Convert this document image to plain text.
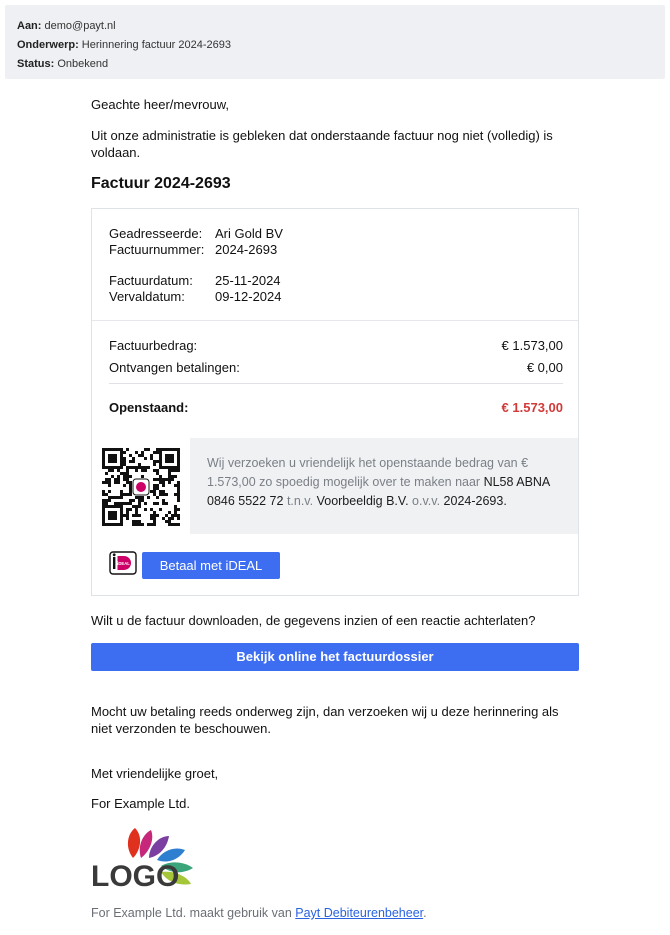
Aan: demo@payt.nl
Onderwerp: Herinnering factuur 2024-2693
Status: Onbekend
Geachte heer/mevrouw,
Uit onze administratie is gebleken dat onderstaande factuur nog niet (volledig) is voldaan.
Factuur 2024-2693
Geadresseerde: Ari Gold BV
Factuurnummer: 2024-2693
Factuurdatum:	25-11-2024
Vervaldatum:	09-12-2024
Factuurbedrag:	€ 1.573,00
Ontvangen betalingen:	€ 0,00
Openstaand:	€ 1.573,00
Wij verzoeken u vriendelijk het openstaande bedrag van € 1.573,00 zo spoedig mogelijk over te maken naar NL58 ABNA 0846 5522 72 t.n.v. Voorbeeldig B.V. o.v.v. 2024-2693.
iDEAL	Betaal met iDEAL
Wilt u de factuur downloaden, de gegevens inzien of een reactie achterlaten?
Bekijk online het factuurdossier
Mocht uw betaling reeds onderweg zijn, dan verzoeken wij u deze herinnering als niet verzonden te beschouwen.
Met vriendelijke groet,
For Example Ltd.
LOGO
For Example Ltd. maakt gebruik van Payt Debiteurenbeheer.
